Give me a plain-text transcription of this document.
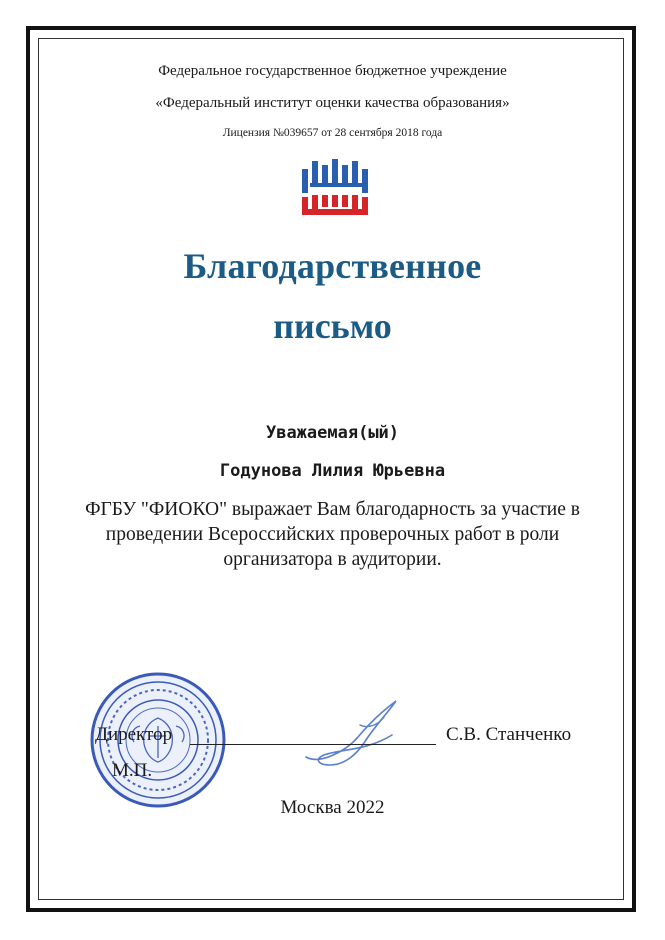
Федеральное государственное бюджетное учреждение
«Федеральный институт оценки качества образования»
Лицензия №039657 от 28 сентября 2018 года
Благодарственное
письмо
Уважаемая(ый)
Годунова Лилия Юрьевна
ФГБУ "ФИОКО" выражает Вам благодарность за участие в проведении Всероссийских проверочных работ в роли организатора в аудитории.
Директор	С.В. Станченко
М.П.
Москва 2022
